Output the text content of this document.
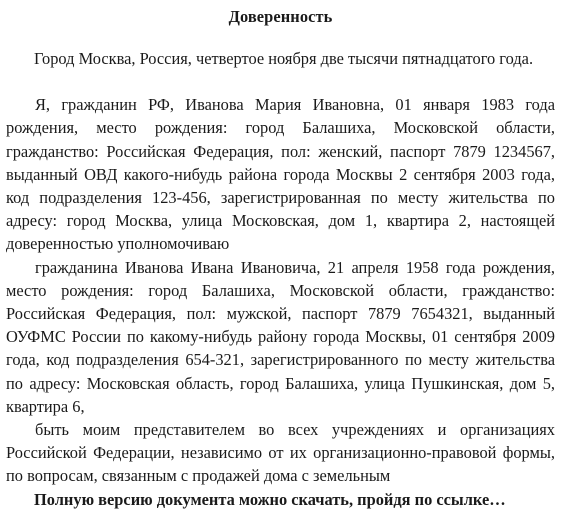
Доверенность
Город Москва, Россия, четвертое ноября две тысячи пятнадцатого года.
Я, гражданин РФ, Иванова Мария Ивановна, 01 января 1983 года
рождения, место рождения: город Балашиха, Московской области,
гражданство: Российская Федерация, пол: женский, паспорт 7879 1234567,
выданный ОВД какого-нибудь района города Москвы 2 сентября 2003 года,
код подразделения 123-456, зарегистрированная по месту жительства по
адресу: город Москва, улица Московская, дом 1, квартира 2, настоящей
доверенностью уполномочиваю
гражданина Иванова Ивана Ивановича, 21 апреля 1958 года рождения,
место рождения: город Балашиха, Московской области, гражданство:
Российская Федерация, пол: мужской, паспорт 7879 7654321, выданный
ОУФМС России по какому-нибудь району города Москвы, 01 сентября 2009
года, код подразделения 654-321, зарегистрированного по месту жительства
по адресу: Московская область, город Балашиха, улица Пушкинская, дом 5,
квартира 6,
быть моим представителем во всех учреждениях и организациях
Российской Федерации, независимо от их организационно-правовой формы,
по вопросам, связанным с продажей дома с земельным
Полную версию документа можно скачать, пройдя по ссылке…
